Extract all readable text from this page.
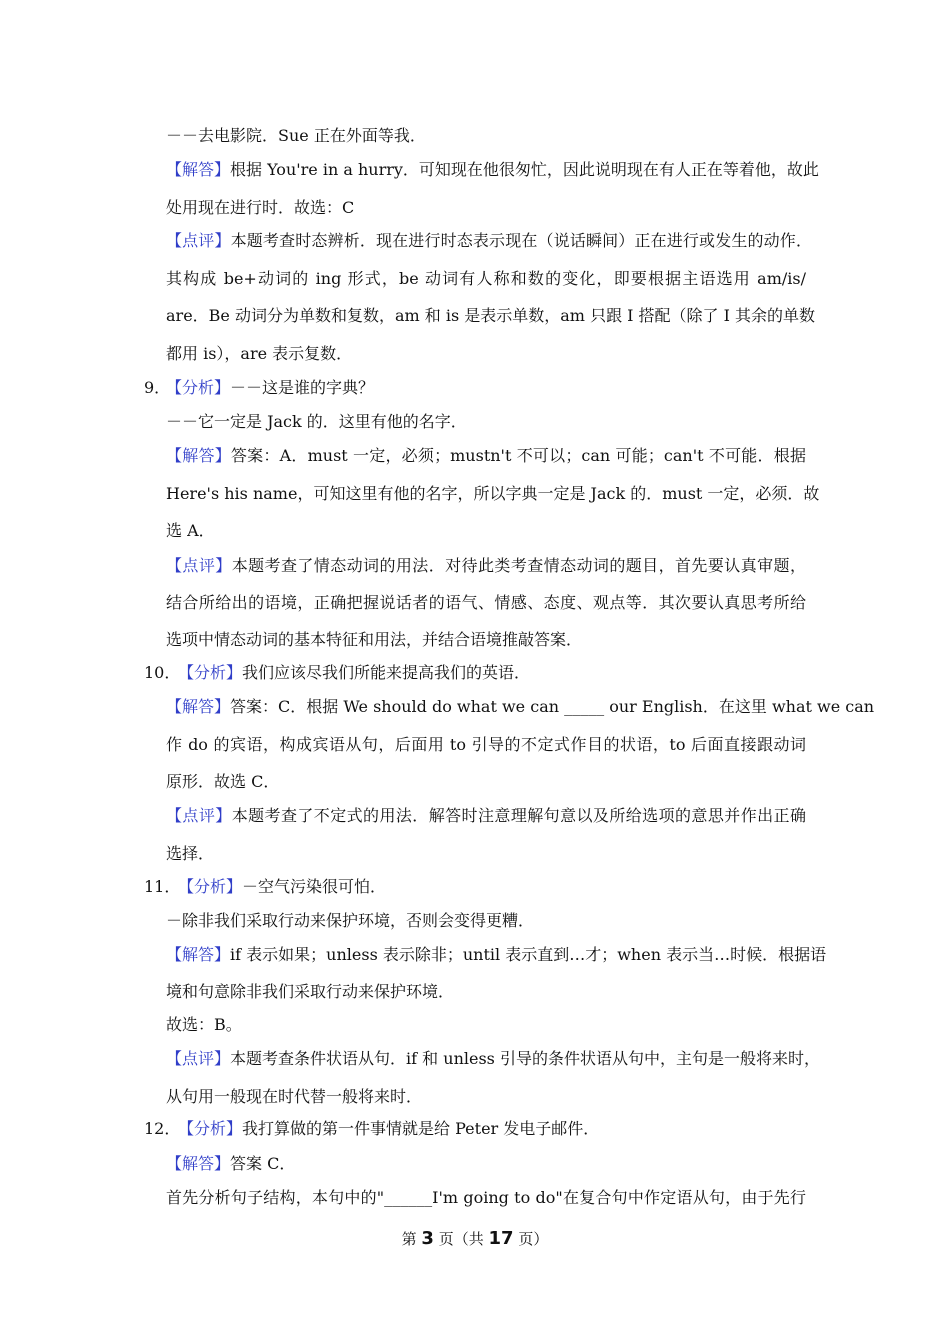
－－去电影院．Sue 正在外面等我．
【解答】根据 You're in a hurry．可知现在他很匆忙，因此说明现在有人正在等着他，故此
处用现在进行时．故选：C
【点评】本题考查时态辨析．现在进行时态表示现在（说话瞬间）正在进行或发生的动作．
其构成 be+动词的 ing 形式，be 动词有人称和数的变化，即要根据主语选用 am/is/
are．Be 动词分为单数和复数，am 和 is 是表示单数，am 只跟 I 搭配（除了 I 其余的单数
都用 is），are 表示复数．
9．
【分析】－－这是谁的字典？
－－它一定是 Jack 的．这里有他的名字．
【解答】答案：A．must 一定，必须；mustn't 不可以；can 可能；can't 不可能．根据
Here's his name，可知这里有他的名字，所以字典一定是 Jack 的．must 一定，必须．故
选 A．
【点评】本题考查了情态动词的用法．对待此类考查情态动词的题目，首先要认真审题，
结合所给出的语境，正确把握说话者的语气、情感、态度、观点等．其次要认真思考所给
选项中情态动词的基本特征和用法，并结合语境推敲答案．
10．
【分析】我们应该尽我们所能来提高我们的英语．
【解答】答案：C．根据 We should do what we can _____ our English．在这里 what we can
作 do 的宾语，构成宾语从句，后面用 to 引导的不定式作目的状语，to 后面直接跟动词
原形．故选 C．
【点评】本题考查了不定式的用法．解答时注意理解句意以及所给选项的意思并作出正确
选择．
11．
【分析】－空气污染很可怕．
－除非我们采取行动来保护环境，否则会变得更糟．
【解答】if 表示如果；unless 表示除非；until 表示直到…才；when 表示当…时候．根据语
境和句意除非我们采取行动来保护环境．
故选：B。
【点评】本题考查条件状语从句．if 和 unless 引导的条件状语从句中，主句是一般将来时，
从句用一般现在时代替一般将来时．
12．
【分析】我打算做的第一件事情就是给 Peter 发电子邮件．
【解答】答案 C．
首先分析句子结构，本句中的"______I'm going to do"在复合句中作定语从句，由于先行
第 3 页（共 17 页）
